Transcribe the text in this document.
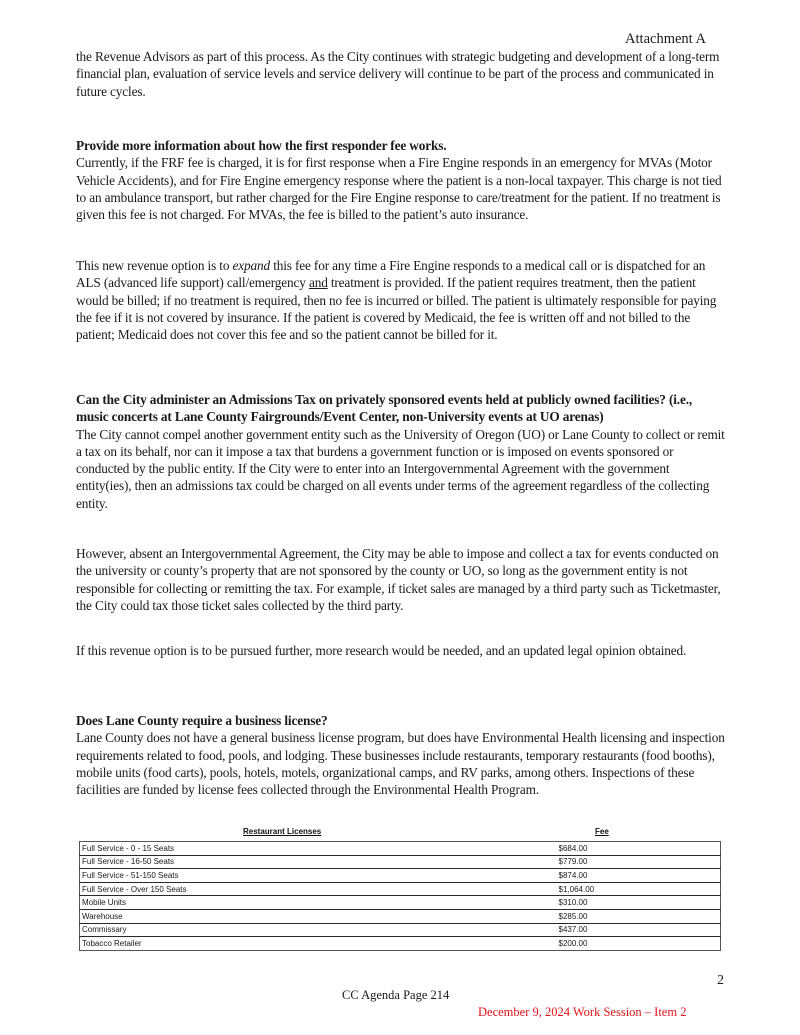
Attachment A

the Revenue Advisors as part of this process. As the City continues with strategic budgeting and development of a long-term financial plan, evaluation of service levels and service delivery will continue to be part of the process and communicated in future cycles.

Provide more information about how the first responder fee works.

Currently, if the FRF fee is charged, it is for first response when a Fire Engine responds in an emergency for MVAs (Motor Vehicle Accidents), and for Fire Engine emergency response where the patient is a non-local taxpayer. This charge is not tied to an ambulance transport, but rather charged for the Fire Engine response to care/treatment for the patient. If no treatment is given this fee is not charged. For MVAs, the fee is billed to the patient’s auto insurance.

This new revenue option is to expand this fee for any time a Fire Engine responds to a medical call or is dispatched for an ALS (advanced life support) call/emergency and treatment is provided. If the patient requires treatment, then the patient would be billed; if no treatment is required, then no fee is incurred or billed. The patient is ultimately responsible for paying the fee if it is not covered by insurance. If the patient is covered by Medicaid, the fee is written off and not billed to the patient; Medicaid does not cover this fee and so the patient cannot be billed for it.

Can the City administer an Admissions Tax on privately sponsored events held at publicly owned facilities? (i.e., music concerts at Lane County Fairgrounds/Event Center, non-University events at UO arenas)

The City cannot compel another government entity such as the University of Oregon (UO) or Lane County to collect or remit a tax on its behalf, nor can it impose a tax that burdens a government function or is imposed on events sponsored or conducted by the public entity. If the City were to enter into an Intergovernmental Agreement with the government entity(ies), then an admissions tax could be charged on all events under terms of the agreement regardless of the collecting entity.

However, absent an Intergovernmental Agreement, the City may be able to impose and collect a tax for events conducted on the university or county’s property that are not sponsored by the county or UO, so long as the government entity is not responsible for collecting or remitting the tax. For example, if ticket sales are managed by a third party such as Ticketmaster, the City could tax those ticket sales collected by the third party.

If this revenue option is to be pursued further, more research would be needed, and an updated legal opinion obtained.

Does Lane County require a business license?

Lane County does not have a general business license program, but does have Environmental Health licensing and inspection requirements related to food, pools, and lodging. These businesses include restaurants, temporary restaurants (food booths), mobile units (food carts), pools, hotels, motels, organizational camps, and RV parks, among others. Inspections of these facilities are funded by license fees collected through the Environmental Health Program.

Restaurant Licenses	Fee
Full Service - 0 - 15 Seats	$684.00
Full Service - 16-50 Seats	$779.00
Full Service - 51-150 Seats	$874.00
Full Service - Over 150 Seats	$1,064.00
Mobile Units	$310.00
Warehouse	$285.00
Commissary	$437.00
Tobacco Retailer	$200.00
2
CC Agenda Page 214
December 9, 2024 Work Session – Item 2
